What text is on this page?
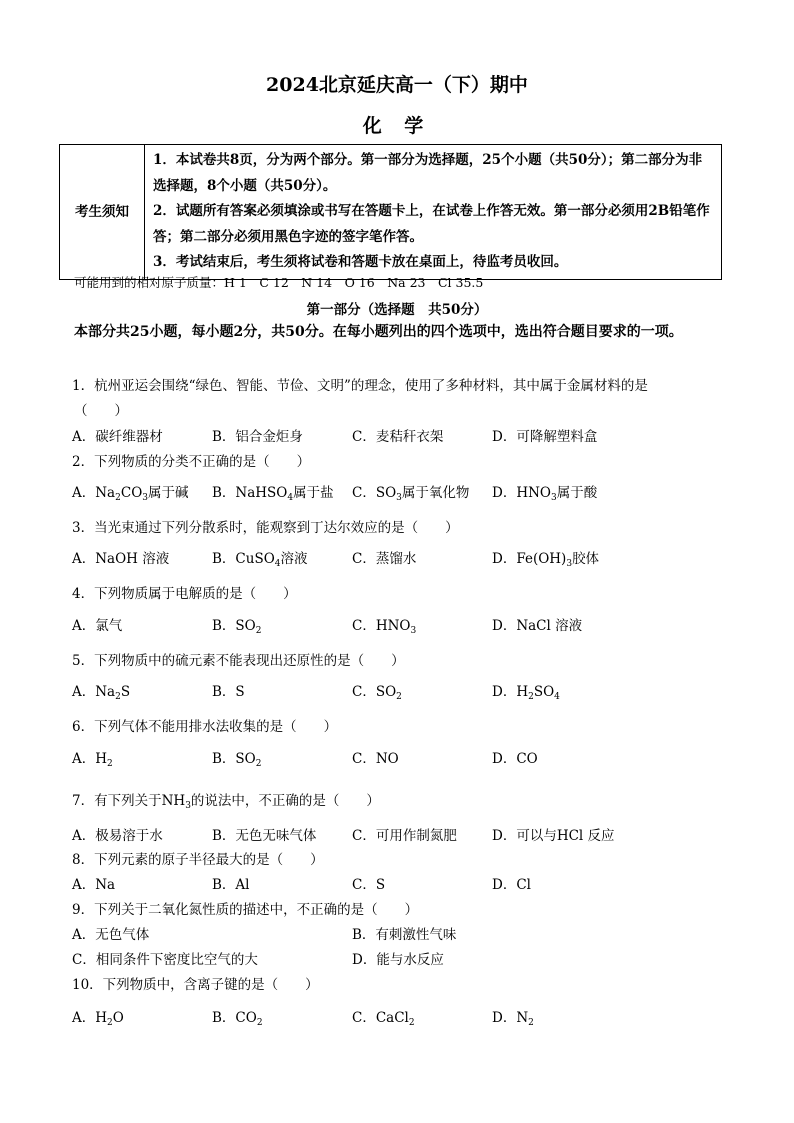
2024北京延庆高一（下）期中
化 学
考生须知	
1．本试卷共8页，分为两个部分。第一部分为选择题，25个小题（共50分）；第二部分为非选择题，8个小题（共50分）。
2．试题所有答案必须填涂或书写在答题卡上，在试卷上作答无效。第一部分必须用2B铅笔作答；第二部分必须用黑色字迹的签字笔作答。
3．考试结束后，考生须将试卷和答题卡放在桌面上，待监考员收回。
可能用到的相对原子质量：H 1　C 12　N 14　O 16　Na 23　Cl 35.5
第一部分（选择题　共50分）
本部分共25小题，每小题2分，共50分。在每小题列出的四个选项中，选出符合题目要求的一项。
1．杭州亚运会围绕“绿色、智能、节俭、文明”的理念，使用了多种材料，其中属于金属材料的是
（　　）
A．碳纤维器材	B．铝合金炬身	C．麦秸秆衣架	D．可降解塑料盒
2．下列物质的分类不正确的是（　　）
A．$Na_2CO_3$属于碱 B．NaHSO$_4$属于盐 C．$SO_3$属于氧化物 D．$HNO_3$属于酸
3．当光束通过下列分散系时，能观察到丁达尔效应的是（　　）
A．NaOH 溶液	B．CuSO$_4$溶液	C．蒸馏水	D．$Fe(OH)_3$胶体
4．下列物质属于电解质的是（　　）
A．氯气	B．$SO_2$	C．$HNO_3$	D．NaCl 溶液
5．下列物质中的硫元素不能表现出还原性的是（　　）
A．$Na_2S$	B．S	C．$SO_2$	D．$H_2SO_4$
6．下列气体不能用排水法收集的是（　　）
A．$H_2$	B．$SO_2$	C．NO	D．CO
7．有下列关于$NH_3$的说法中，不正确的是（　　）
A．极易溶于水	B．无色无味气体	C．可用作制氮肥	D．可以与HCl 反应
8．下列元素的原子半径最大的是（　　）
A．Na	B．Al	C．S	D．Cl
9．下列关于二氧化氮性质的描述中，不正确的是（　　）
A．无色气体	B．有刺激性气味
C．相同条件下密度比空气的大	D．能与水反应
10．下列物质中，含离子键的是（　　）
A．$H_2O$	B．$CO_2$	C．CaCl$_2$	D．$N_2$
